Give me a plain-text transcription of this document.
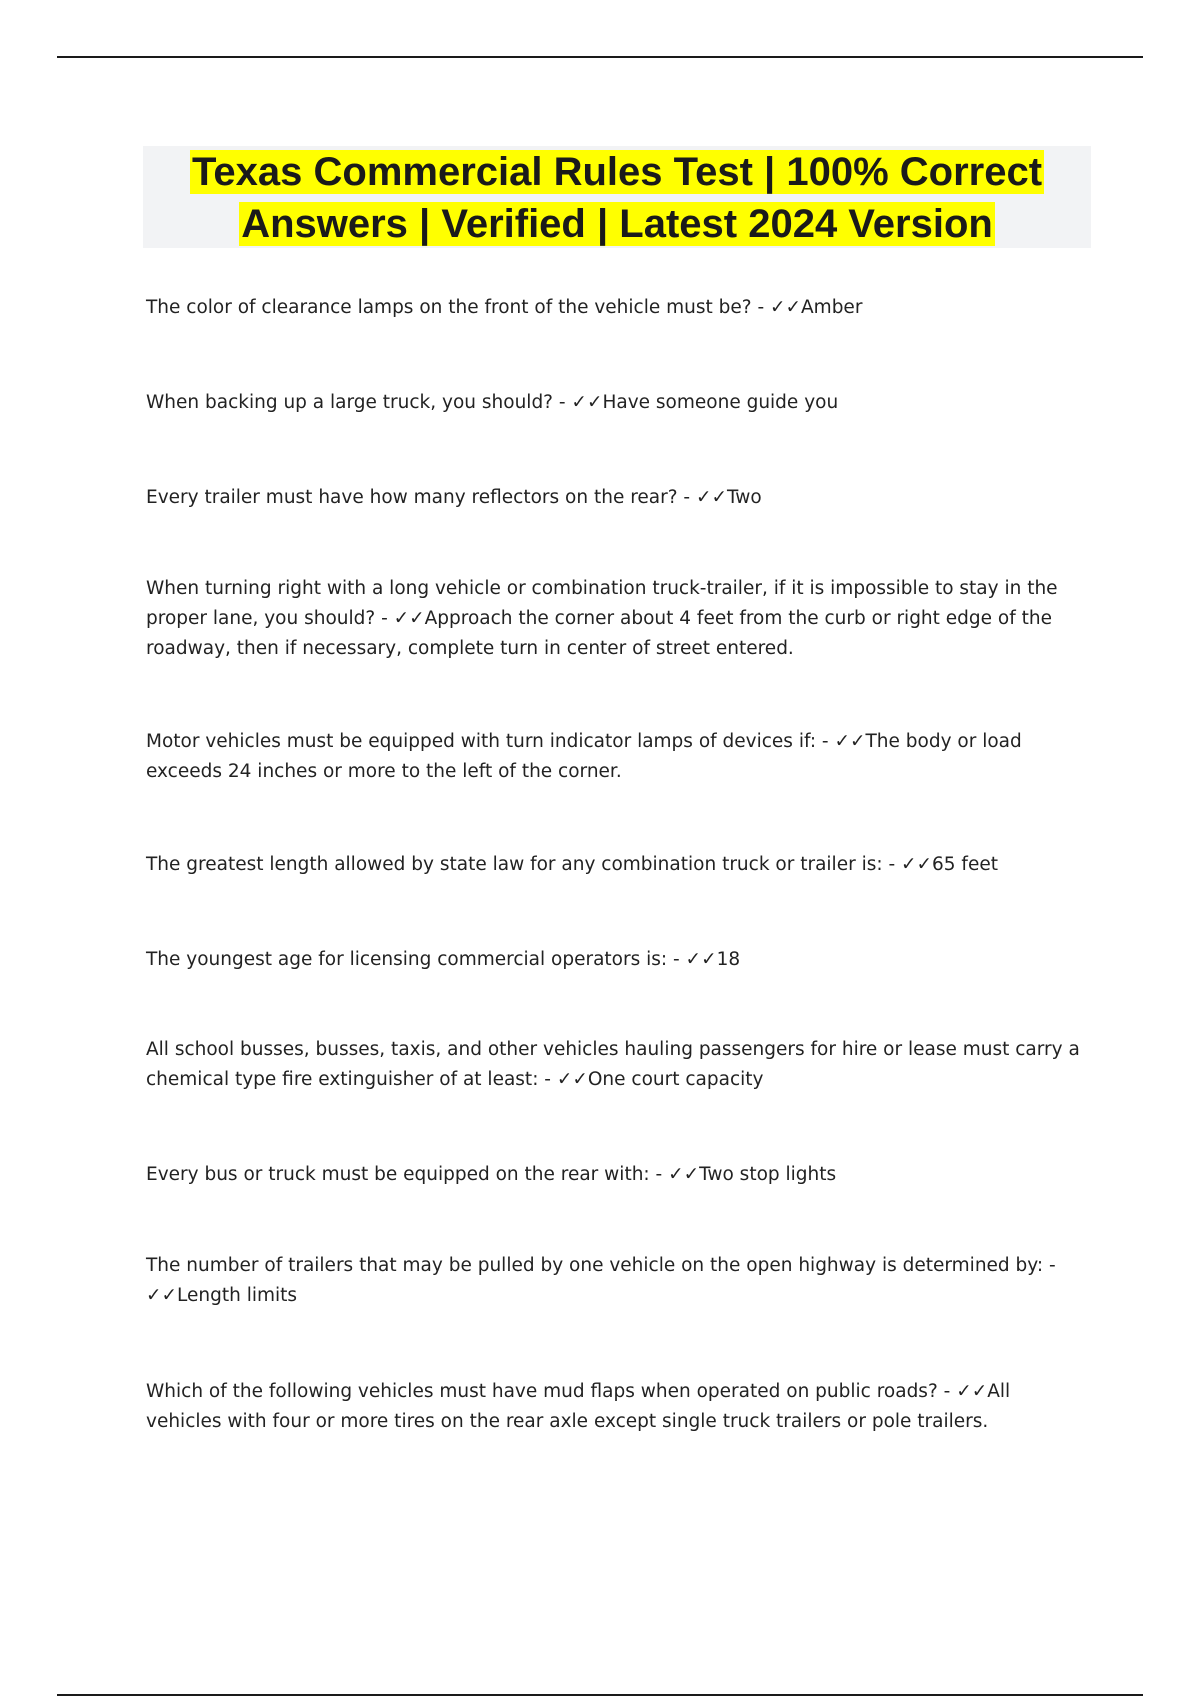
Texas Commercial Rules Test | 100% Correct
Answers | Verified | Latest 2024 Version

The color of clearance lamps on the front of the vehicle must be? - ✓✓Amber

When backing up a large truck, you should? - ✓✓Have someone guide you

Every trailer must have how many reflectors on the rear? - ✓✓Two

When turning right with a long vehicle or combination truck-trailer, if it is impossible to stay in the proper lane, you should? - ✓✓Approach the corner about 4 feet from the curb or right edge of the roadway, then if necessary, complete turn in center of street entered.

Motor vehicles must be equipped with turn indicator lamps of devices if: - ✓✓The body or load exceeds 24 inches or more to the left of the corner.

The greatest length allowed by state law for any combination truck or trailer is: - ✓✓65 feet

The youngest age for licensing commercial operators is: - ✓✓18

All school busses, busses, taxis, and other vehicles hauling passengers for hire or lease must carry a chemical type fire extinguisher of at least: - ✓✓One court capacity

Every bus or truck must be equipped on the rear with: - ✓✓Two stop lights

The number of trailers that may be pulled by one vehicle on the open highway is determined by: - ✓✓Length limits

Which of the following vehicles must have mud flaps when operated on public roads? - ✓✓All vehicles with four or more tires on the rear axle except single truck trailers or pole trailers.
